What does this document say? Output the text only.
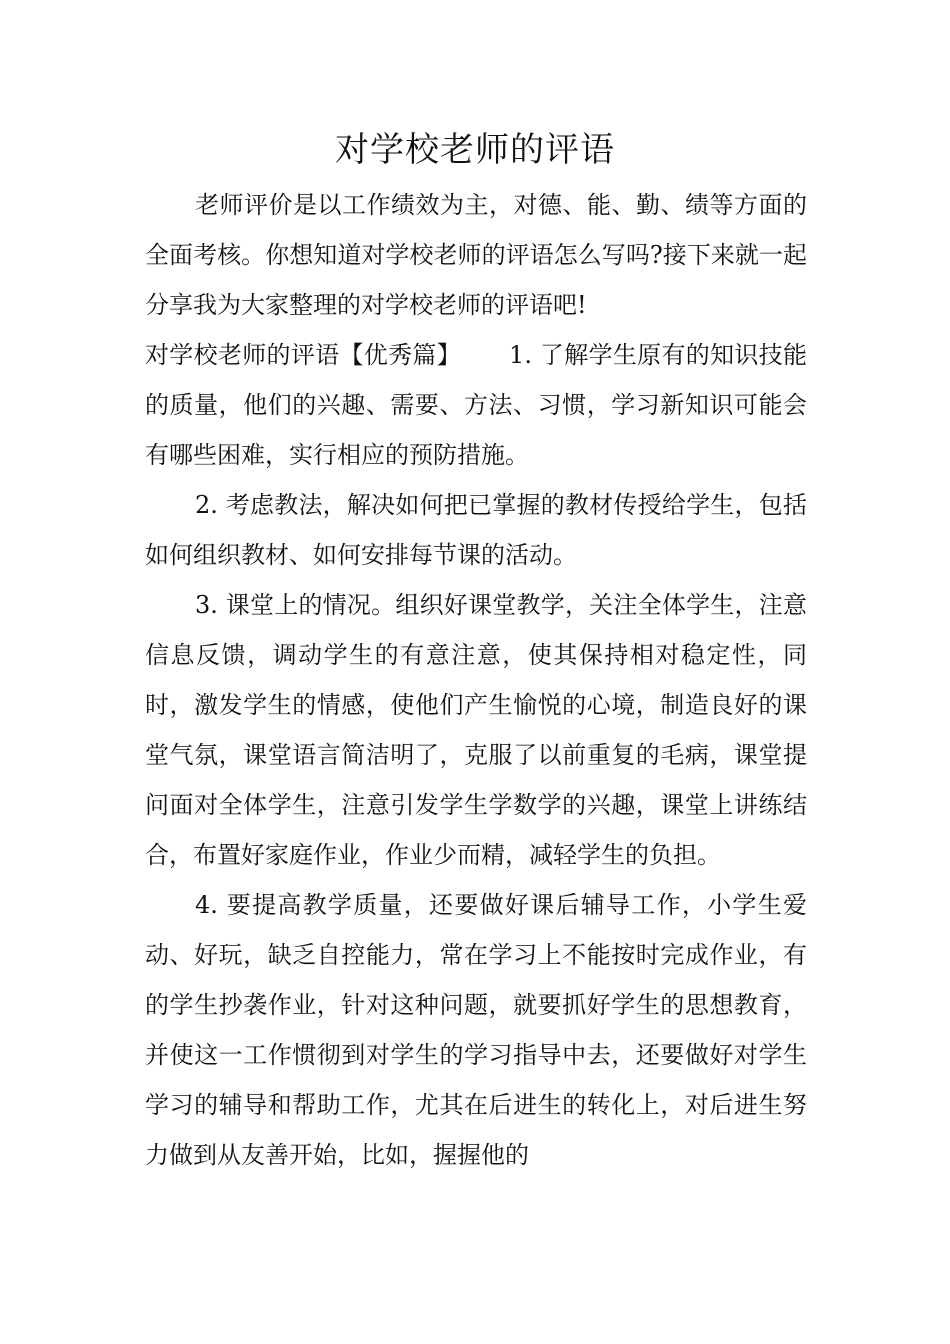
对学校老师的评语

老师评价是以工作绩效为主，对德、能、勤、绩等方面的全面考核。你想知道对学校老师的评语怎么写吗?接下来就一起分享我为大家整理的对学校老师的评语吧!

对学校老师的评语【优秀篇】 1. 了解学生原有的知识技能的质量，他们的兴趣、需要、方法、习惯，学习新知识可能会有哪些困难，实行相应的预防措施。

2. 考虑教法，解决如何把已掌握的教材传授给学生，包括如何组织教材、如何安排每节课的活动。

3. 课堂上的情况。组织好课堂教学，关注全体学生，注意信息反馈，调动学生的有意注意，使其保持相对稳定性，同时，激发学生的情感，使他们产生愉悦的心境，制造良好的课堂气氛，课堂语言简洁明了，克服了以前重复的毛病，课堂提问面对全体学生，注意引发学生学数学的兴趣，课堂上讲练结合，布置好家庭作业，作业少而精，减轻学生的负担。

4. 要提高教学质量，还要做好课后辅导工作，小学生爱动、好玩，缺乏自控能力，常在学习上不能按时完成作业，有的学生抄袭作业，针对这种问题，就要抓好学生的思想教育，并使这一工作惯彻到对学生的学习指导中去，还要做好对学生学习的辅导和帮助工作，尤其在后进生的转化上，对后进生努力做到从友善开始，比如，握握他的
